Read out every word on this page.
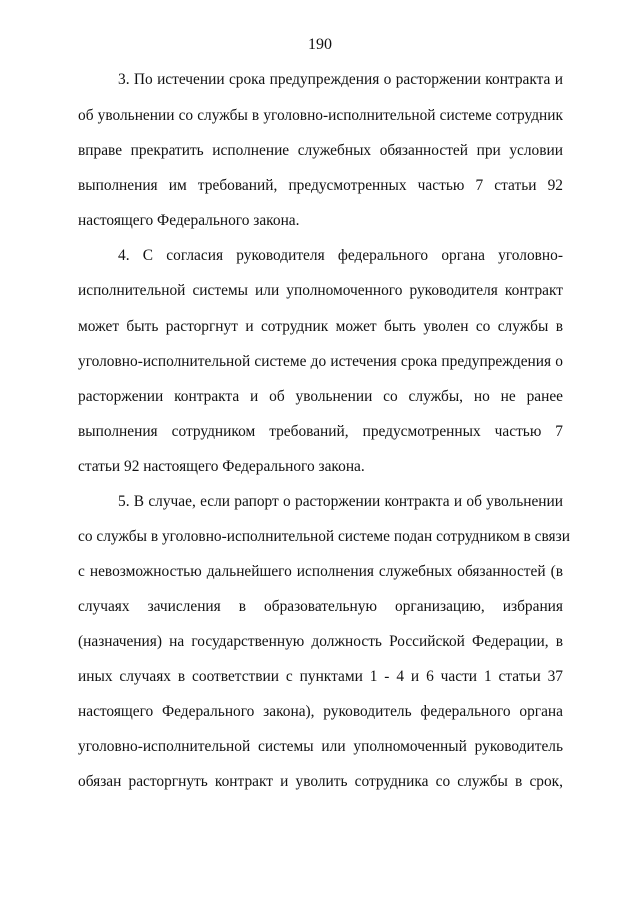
190
3. По истечении срока предупреждения о расторжении контракта и
об увольнении со службы в уголовно-исполнительной системе сотрудник
вправе прекратить исполнение служебных обязанностей при условии
выполнения им требований, предусмотренных частью 7 статьи 92
настоящего Федерального закона.
4. С согласия руководителя федерального органа уголовно-
исполнительной системы или уполномоченного руководителя контракт
может быть расторгнут и сотрудник может быть уволен со службы в
уголовно-исполнительной системе до истечения срока предупреждения о
расторжении контракта и об увольнении со службы, но не ранее
выполнения сотрудником требований, предусмотренных частью 7
статьи 92 настоящего Федерального закона.
5. В случае, если рапорт о расторжении контракта и об увольнении
со службы в уголовно-исполнительной системе подан сотрудником в связи
с невозможностью дальнейшего исполнения служебных обязанностей (в
случаях зачисления в образовательную организацию, избрания
(назначения) на государственную должность Российской Федерации, в
иных случаях в соответствии с пунктами 1 - 4 и 6 части 1 статьи 37
настоящего Федерального закона), руководитель федерального органа
уголовно-исполнительной системы или уполномоченный руководитель
обязан расторгнуть контракт и уволить сотрудника со службы в срок,
